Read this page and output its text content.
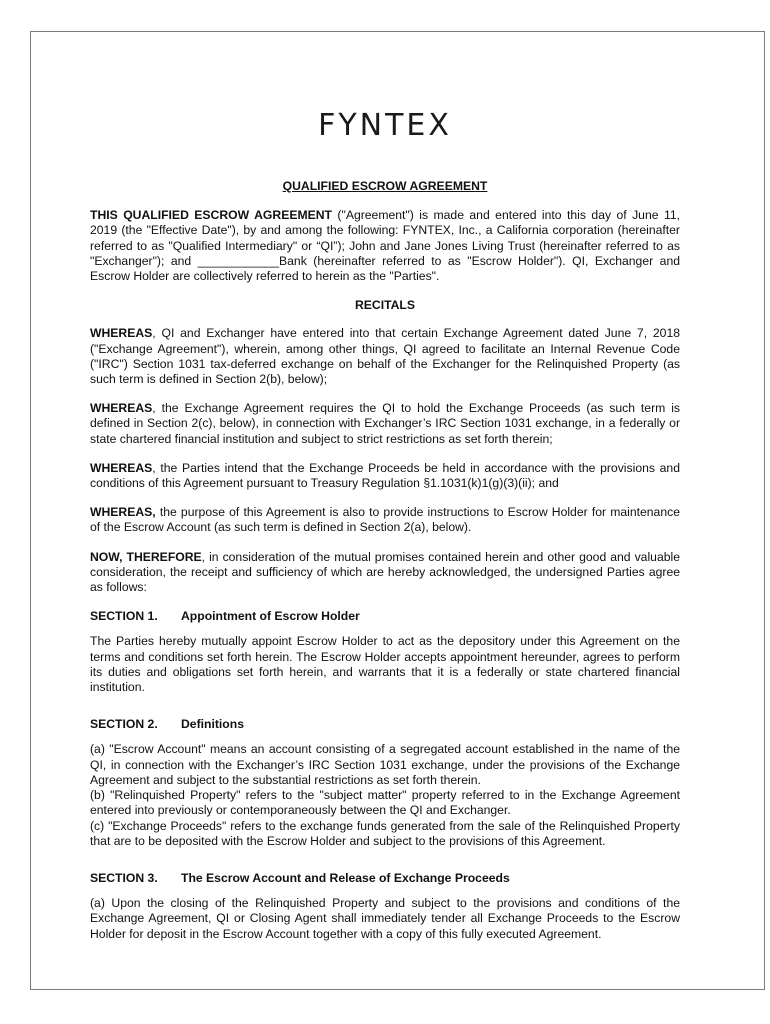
FYNTEX
QUALIFIED ESCROW AGREEMENT

THIS QUALIFIED ESCROW AGREEMENT ("Agreement") is made and entered into this day of June 11, 2019 (the "Effective Date"), by and among the following: FYNTEX, Inc., a California corporation (hereinafter referred to as "Qualified Intermediary" or “QI”); John and Jane Jones Living Trust (hereinafter referred to as "Exchanger"); and ____________Bank (hereinafter referred to as "Escrow Holder"). QI, Exchanger and Escrow Holder are collectively referred to herein as the "Parties".

RECITALS

WHEREAS, QI and Exchanger have entered into that certain Exchange Agreement dated June 7, 2018 ("Exchange Agreement"), wherein, among other things, QI agreed to facilitate an Internal Revenue Code ("IRC") Section 1031 tax-deferred exchange on behalf of the Exchanger for the Relinquished Property (as such term is defined in Section 2(b), below);

WHEREAS, the Exchange Agreement requires the QI to hold the Exchange Proceeds (as such term is defined in Section 2(c), below), in connection with Exchanger’s IRC Section 1031 exchange, in a federally or state chartered financial institution and subject to strict restrictions as set forth therein;

WHEREAS, the Parties intend that the Exchange Proceeds be held in accordance with the provisions and conditions of this Agreement pursuant to Treasury Regulation §1.1031(k)1(g)(3)(ii); and

WHEREAS, the purpose of this Agreement is also to provide instructions to Escrow Holder for maintenance of the Escrow Account (as such term is defined in Section 2(a), below).

NOW, THEREFORE, in consideration of the mutual promises contained herein and other good and valuable consideration, the receipt and sufficiency of which are hereby acknowledged, the undersigned Parties agree as follows:

SECTION 1. Appointment of Escrow Holder

The Parties hereby mutually appoint Escrow Holder to act as the depository under this Agreement on the terms and conditions set forth herein. The Escrow Holder accepts appointment hereunder, agrees to perform its duties and obligations set forth herein, and warrants that it is a federally or state chartered financial institution.

SECTION 2. Definitions

(a) "Escrow Account" means an account consisting of a segregated account established in the name of the QI, in connection with the Exchanger’s IRC Section 1031 exchange, under the provisions of the Exchange Agreement and subject to the substantial restrictions as set forth therein.

(b) "Relinquished Property" refers to the "subject matter" property referred to in the Exchange Agreement entered into previously or contemporaneously between the QI and Exchanger.

(c) "Exchange Proceeds" refers to the exchange funds generated from the sale of the Relinquished Property that are to be deposited with the Escrow Holder and subject to the provisions of this Agreement.

SECTION 3. The Escrow Account and Release of Exchange Proceeds

(a) Upon the closing of the Relinquished Property and subject to the provisions and conditions of the Exchange Agreement, QI or Closing Agent shall immediately tender all Exchange Proceeds to the Escrow Holder for deposit in the Escrow Account together with a copy of this fully executed Agreement.
